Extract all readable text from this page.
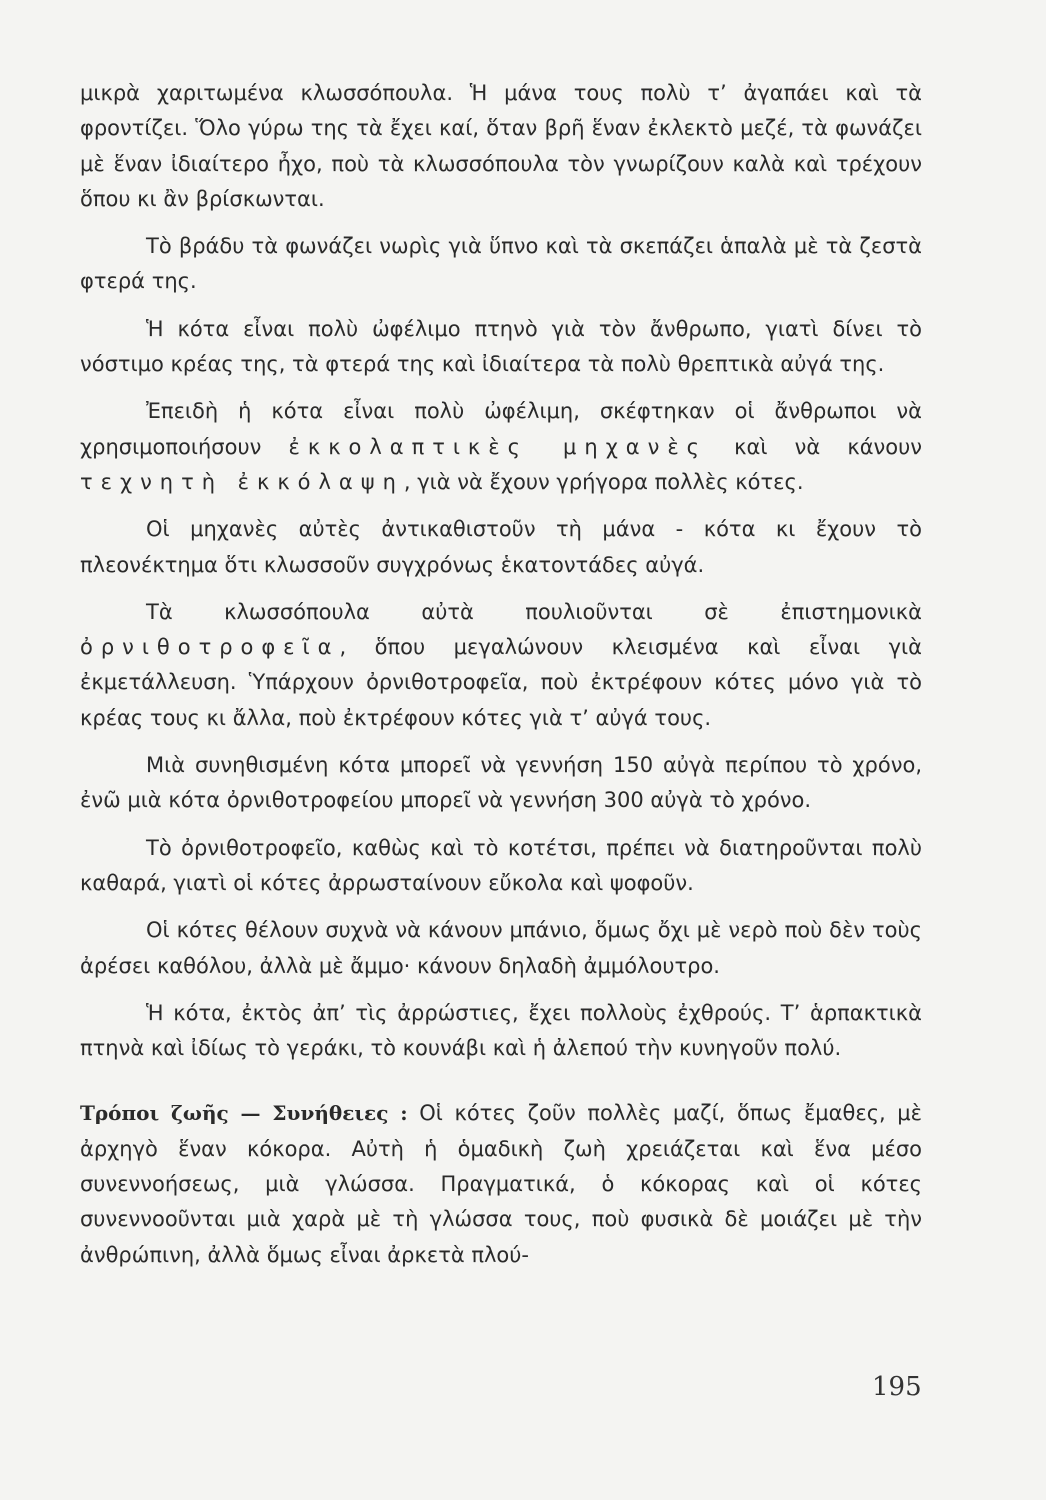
μικρὰ χαριτωμένα κλωσσόπουλα. Ἡ μάνα τους πολὺ τ’ ἀγαπάει καὶ τὰ φροντίζει. Ὅλο γύρω της τὰ ἔχει καί, ὅταν βρῆ ἕναν ἐκλεκτὸ μεζέ, τὰ φωνάζει μὲ ἕναν ἰδιαίτερο ἦχο, ποὺ τὰ κλωσσόπουλα τὸν γνωρίζουν καλὰ καὶ τρέχουν ὅπου κι ἂν βρίσκωνται.

Τὸ βράδυ τὰ φωνάζει νωρὶς γιὰ ὕπνο καὶ τὰ σκεπάζει ἁπαλὰ μὲ τὰ ζεστὰ φτερά της.

Ἡ κότα εἶναι πολὺ ὠφέλιμο πτηνὸ γιὰ τὸν ἄνθρωπο, γιατὶ δίνει τὸ νόστιμο κρέας της, τὰ φτερά της καὶ ἰδιαίτερα τὰ πολὺ θρεπτικὰ αὐγά της.

Ἐπειδὴ ἡ κότα εἶναι πολὺ ὠφέλιμη, σκέφτηκαν οἱ ἄνθρωποι νὰ χρησιμοποιήσουν ἐκκολαπτικὲς μηχανὲς καὶ νὰ κάνουν τεχνητὴ ἐκκόλαψη, γιὰ νὰ ἔχουν γρήγορα πολλὲς κότες.

Οἱ μηχανὲς αὐτὲς ἀντικαθιστοῦν τὴ μάνα - κότα κι ἔχουν τὸ πλεονέκτημα ὅτι κλωσσοῦν συγχρόνως ἑκατοντάδες αὐγά.

Τὰ κλωσσόπουλα αὐτὰ πουλιοῦνται σὲ ἐπιστημονικὰ ὀρνιθοτροφεῖα, ὅπου μεγαλώνουν κλεισμένα καὶ εἶναι γιὰ ἐκμετάλλευση. Ὑπάρχουν ὀρνιθοτροφεῖα, ποὺ ἐκτρέφουν κότες μόνο γιὰ τὸ κρέας τους κι ἄλλα, ποὺ ἐκτρέφουν κότες γιὰ τ’ αὐγά τους.

Μιὰ συνηθισμένη κότα μπορεῖ νὰ γεννήση 150 αὐγὰ περίπου τὸ χρόνο, ἐνῶ μιὰ κότα ὀρνιθοτροφείου μπορεῖ νὰ γεννήση 300 αὐγὰ τὸ χρόνο.

Τὸ ὀρνιθοτροφεῖο, καθὼς καὶ τὸ κοτέτσι, πρέπει νὰ διατηροῦνται πολὺ καθαρά, γιατὶ οἱ κότες ἀρρωσταίνουν εὔκολα καὶ ψοφοῦν.

Οἱ κότες θέλουν συχνὰ νὰ κάνουν μπάνιο, ὅμως ὄχι μὲ νερὸ ποὺ δὲν τοὺς ἀρέσει καθόλου, ἀλλὰ μὲ ἄμμο· κάνουν δηλαδὴ ἀμμόλουτρο.

Ἡ κότα, ἐκτὸς ἀπ’ τὶς ἀρρώστιες, ἔχει πολλοὺς ἐχθρούς. Τ’ ἁρπακτικὰ πτηνὰ καὶ ἰδίως τὸ γεράκι, τὸ κουνάβι καὶ ἡ ἀλεπού τὴν κυνηγοῦν πολύ.

Τρόποι ζωῆς — Συνήθειες : Οἱ κότες ζοῦν πολλὲς μαζί, ὅπως ἔμαθες, μὲ ἀρχηγὸ ἕναν κόκορα. Αὐτὴ ἡ ὁμαδικὴ ζωὴ χρειάζεται καὶ ἕνα μέσο συνεννοήσεως, μιὰ γλώσσα. Πραγματικά, ὁ κόκορας καὶ οἱ κότες συνεννοοῦνται μιὰ χαρὰ μὲ τὴ γλώσσα τους, ποὺ φυσικὰ δὲ μοιάζει μὲ τὴν ἀνθρώπινη, ἀλλὰ ὅμως εἶναι ἀρκετὰ πλού-

195
